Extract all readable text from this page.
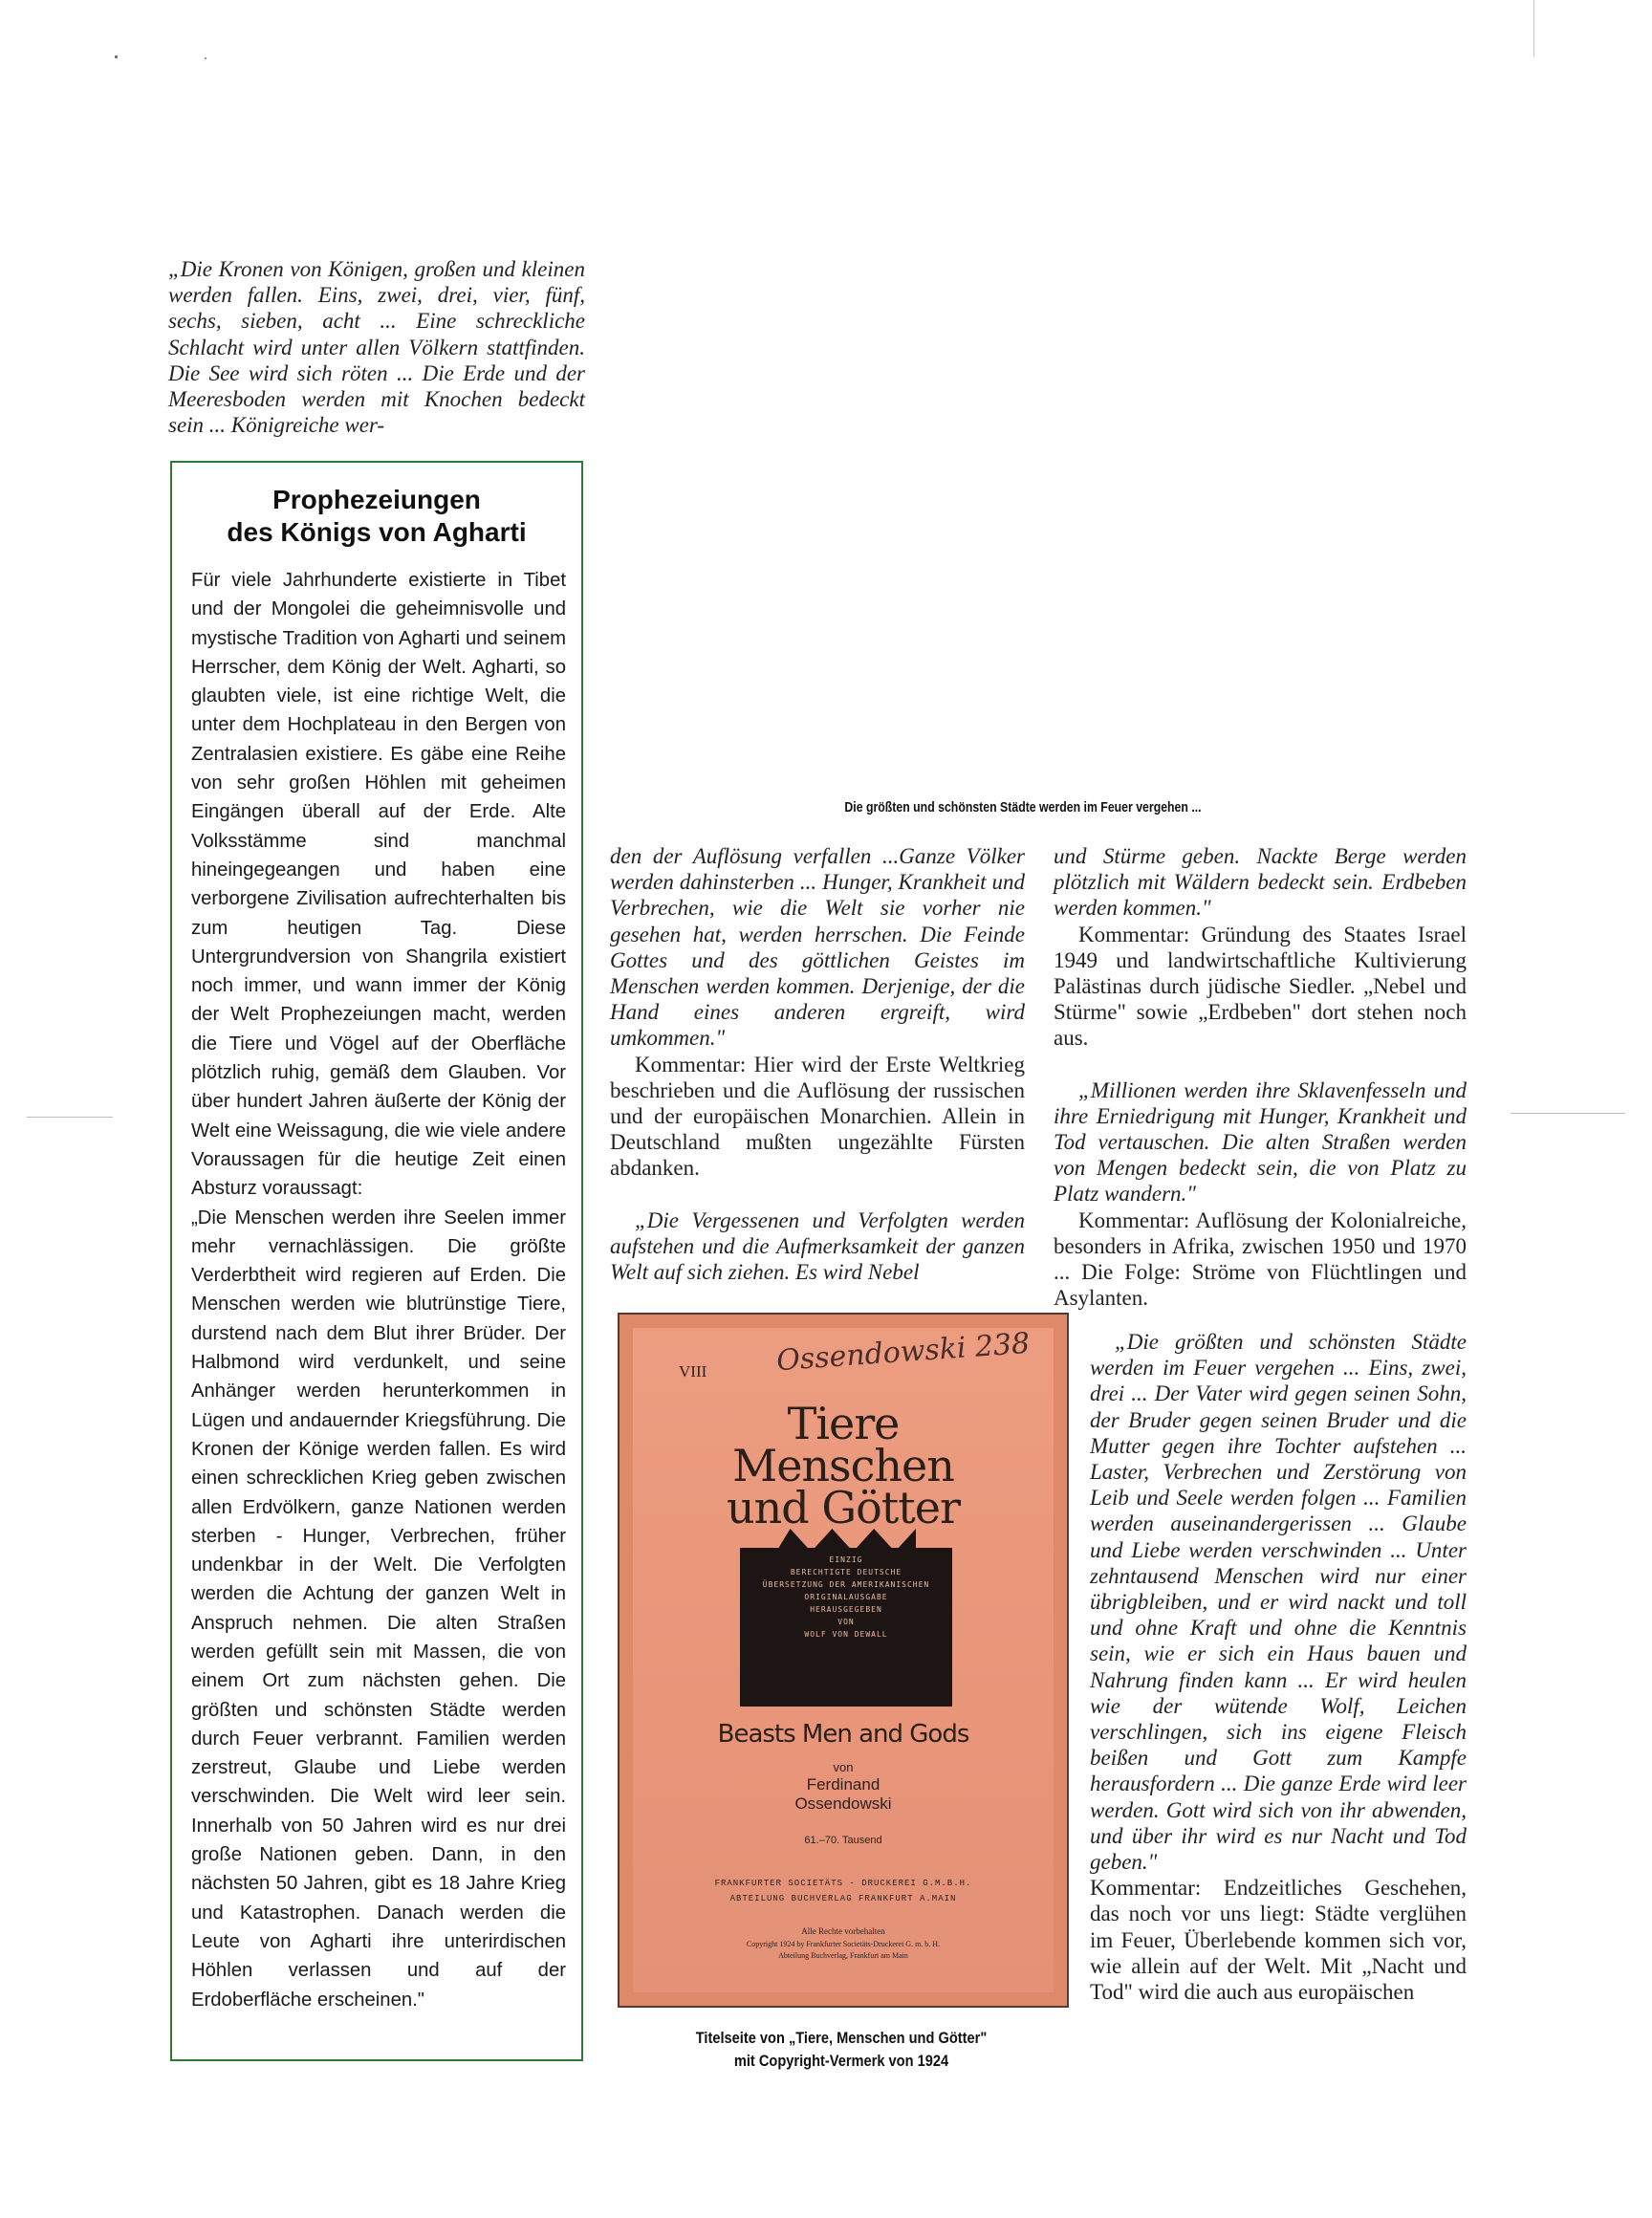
„Die Kronen von Königen, großen und kleinen werden fallen. Eins, zwei, drei, vier, fünf, sechs, sieben, acht ... Eine schreckliche Schlacht wird unter allen Völkern stattfinden. Die See wird sich röten ... Die Erde und der Meeresboden werden mit Knochen bedeckt sein ... Königreiche wer-
Prophezeiungen
des Königs von Agharti

Für viele Jahrhunderte existierte in Tibet und der Mongolei die geheimnisvolle und mystische Tradition von Agharti und seinem Herrscher, dem König der Welt. Agharti, so glaubten viele, ist eine richtige Welt, die unter dem Hochplateau in den Bergen von Zentralasien existiere. Es gäbe eine Reihe von sehr großen Höhlen mit geheimen Eingängen überall auf der Erde. Alte Volksstämme sind manchmal hineingegeangen und haben eine verborgene Zivilisation aufrechterhalten bis zum heutigen Tag. Diese Untergrundversion von Shangrila existiert noch immer, und wann immer der König der Welt Prophezeiungen macht, werden die Tiere und Vögel auf der Oberfläche plötzlich ruhig, gemäß dem Glauben. Vor über hundert Jahren äußerte der König der Welt eine Weissagung, die wie viele andere Voraussagen für die heutige Zeit einen Absturz voraussagt:

„Die Menschen werden ihre Seelen immer mehr vernachlässigen. Die größte Verderbtheit wird regieren auf Erden. Die Menschen werden wie blutrünstige Tiere, durstend nach dem Blut ihrer Brüder. Der Halbmond wird verdunkelt, und seine Anhänger werden herunterkommen in Lügen und andauernder Kriegsführung. Die Kronen der Könige werden fallen. Es wird einen schrecklichen Krieg geben zwischen allen Erdvölkern, ganze Nationen werden sterben - Hunger, Verbrechen, früher undenkbar in der Welt. Die Verfolgten werden die Achtung der ganzen Welt in Anspruch nehmen. Die alten Straßen werden gefüllt sein mit Massen, die von einem Ort zum nächsten gehen. Die größten und schönsten Städte werden durch Feuer verbrannt. Familien werden zerstreut, Glaube und Liebe werden verschwinden. Die Welt wird leer sein. Innerhalb von 50 Jahren wird es nur drei große Nationen geben. Dann, in den nächsten 50 Jahren, gibt es 18 Jahre Krieg und Katastrophen. Danach werden die Leute von Agharti ihre unterirdischen Höhlen verlassen und auf der Erdoberfläche erscheinen."

Die größten und schönsten Städte werden im Feuer vergehen ...

den der Auflösung verfallen ...Ganze Völker werden dahinsterben ... Hunger, Krankheit und Verbrechen, wie die Welt sie vorher nie gesehen hat, werden herrschen. Die Feinde Gottes und des göttlichen Geistes im Menschen werden kommen. Derjenige, der die Hand eines anderen ergreift, wird umkommen."

Kommentar: Hier wird der Erste Weltkrieg beschrieben und die Auflösung der russischen und der europäischen Monarchien. Allein in Deutschland mußten ungezählte Fürsten abdanken.

„Die Vergessenen und Verfolgten werden aufstehen und die Aufmerksamkeit der ganzen Welt auf sich ziehen. Es wird Nebel

und Stürme geben. Nackte Berge werden plötzlich mit Wäldern bedeckt sein. Erdbeben werden kommen."

Kommentar: Gründung des Staates Israel 1949 und landwirtschaftliche Kultivierung Palästinas durch jüdische Siedler. „Nebel und Stürme" sowie „Erdbeben" dort stehen noch aus.

„Millionen werden ihre Sklavenfesseln und ihre Erniedrigung mit Hunger, Krankheit und Tod vertauschen. Die alten Straßen werden von Mengen bedeckt sein, die von Platz zu Platz wandern."

Kommentar: Auflösung der Kolonialreiche, besonders in Afrika, zwischen 1950 und 1970 ... Die Folge: Ströme von Flüchtlingen und Asylanten.

„Die größten und schönsten Städte werden im Feuer vergehen ... Eins, zwei, drei ... Der Vater wird gegen seinen Sohn, der Bruder gegen seinen Bruder und die Mutter gegen ihre Tochter aufstehen ... Laster, Verbrechen und Zerstörung von Leib und Seele werden folgen ... Familien werden auseinandergerissen ... Glaube und Liebe werden verschwinden ... Unter zehntausend Menschen wird nur einer übrigbleiben, und er wird nackt und toll und ohne Kraft und ohne die Kenntnis sein, wie er sich ein Haus bauen und Nahrung finden kann ... Er wird heulen wie der wütende Wolf, Leichen verschlingen, sich ins eigene Fleisch beißen und Gott zum Kampfe herausfordern ... Die ganze Erde wird leer werden. Gott wird sich von ihr abwenden, und über ihr wird es nur Nacht und Tod geben."

Kommentar: Endzeitliches Geschehen, das noch vor uns liegt: Städte verglühen im Feuer, Überlebende kommen sich vor, wie allein auf der Welt. Mit „Nacht und Tod" wird die auch aus europäischen

VIII Ossendowski 238
Tiere
Menschen
und Götter
EINZIG
BERECHTIGTE DEUTSCHE
ÜBERSETZUNG DER AMERIKANISCHEN
ORIGINALAUSGABE
HERAUSGEGEBEN
VON
WOLF VON DEWALL
Beasts Men and Gods
von
Ferdinand
Ossendowski
61.–70. Tausend
FRANKFURTER SOCIETÄTS - DRUCKEREI G.M.B.H.
ABTEILUNG BUCHVERLAG FRANKFURT A.MAIN
Alle Rechte vorbehalten
Copyright 1924 by Frankfurter Societäts-Druckerei G. m. b. H.
Abteilung Buchverlag, Frankfurt am Main
Titelseite von „Tiere, Menschen und Götter"
mit Copyright-Vermerk von 1924
